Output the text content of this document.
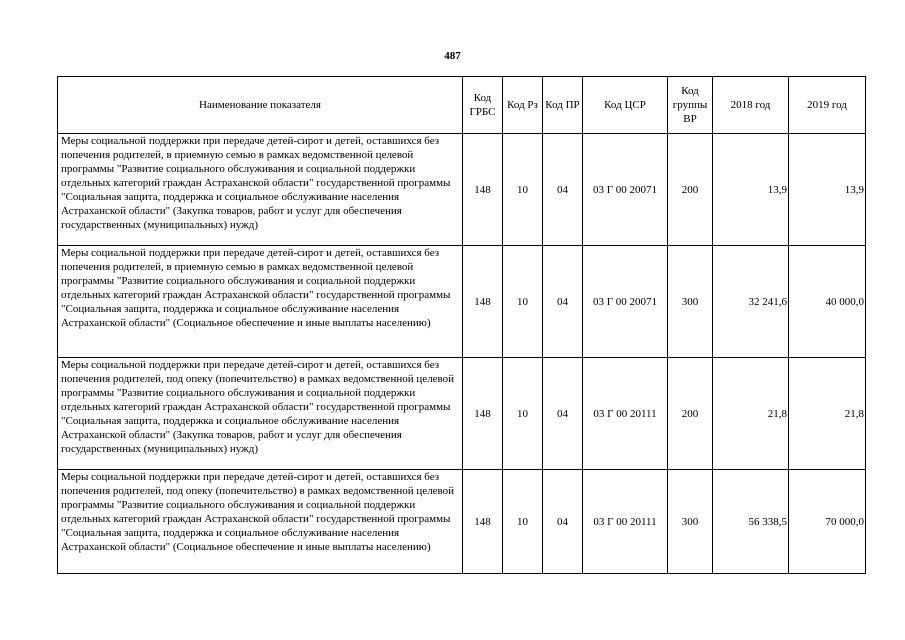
487
Наименование показателя	Код ГРБС	Код Рз	Код ПР	Код ЦСР	Код группы ВР	2018 год	2019 год
Меры социальной поддержки при передаче детей-сирот и детей, оставшихся без попечения родителей, в приемную семью в рамках ведомственной целевой программы "Развитие социального обслуживания и социальной поддержки отдельных категорий граждан Астраханской области" государственной программы "Социальная защита, поддержка и социальное обслуживание населения Астраханской области" (Закупка товаров, работ и услуг для обеспечения государственных (муниципальных) нужд)	148	10	04	03 Г 00 20071	200	13,9	13,9
Меры социальной поддержки при передаче детей-сирот и детей, оставшихся без попечения родителей, в приемную семью в рамках ведомственной целевой программы "Развитие социального обслуживания и социальной поддержки отдельных категорий граждан Астраханской области" государственной программы "Социальная защита, поддержка и социальное обслуживание населения Астраханской области" (Социальное обеспечение и иные выплаты населению)	148	10	04	03 Г 00 20071	300	32 241,6	40 000,0
Меры социальной поддержки при передаче детей-сирот и детей, оставшихся без попечения родителей, под опеку (попечительство) в рамках ведомственной целевой программы "Развитие социального обслуживания и социальной поддержки отдельных категорий граждан Астраханской области" государственной программы "Социальная защита, поддержка и социальное обслуживание населения Астраханской области" (Закупка товаров, работ и услуг для обеспечения государственных (муниципальных) нужд)	148	10	04	03 Г 00 20111	200	21,8	21,8
Меры социальной поддержки при передаче детей-сирот и детей, оставшихся без попечения родителей, под опеку (попечительство) в рамках ведомственной целевой программы "Развитие социального обслуживания и социальной поддержки отдельных категорий граждан Астраханской области" государственной программы "Социальная защита, поддержка и социальное обслуживание населения Астраханской области" (Социальное обеспечение и иные выплаты населению)	148	10	04	03 Г 00 20111	300	56 338,5	70 000,0
